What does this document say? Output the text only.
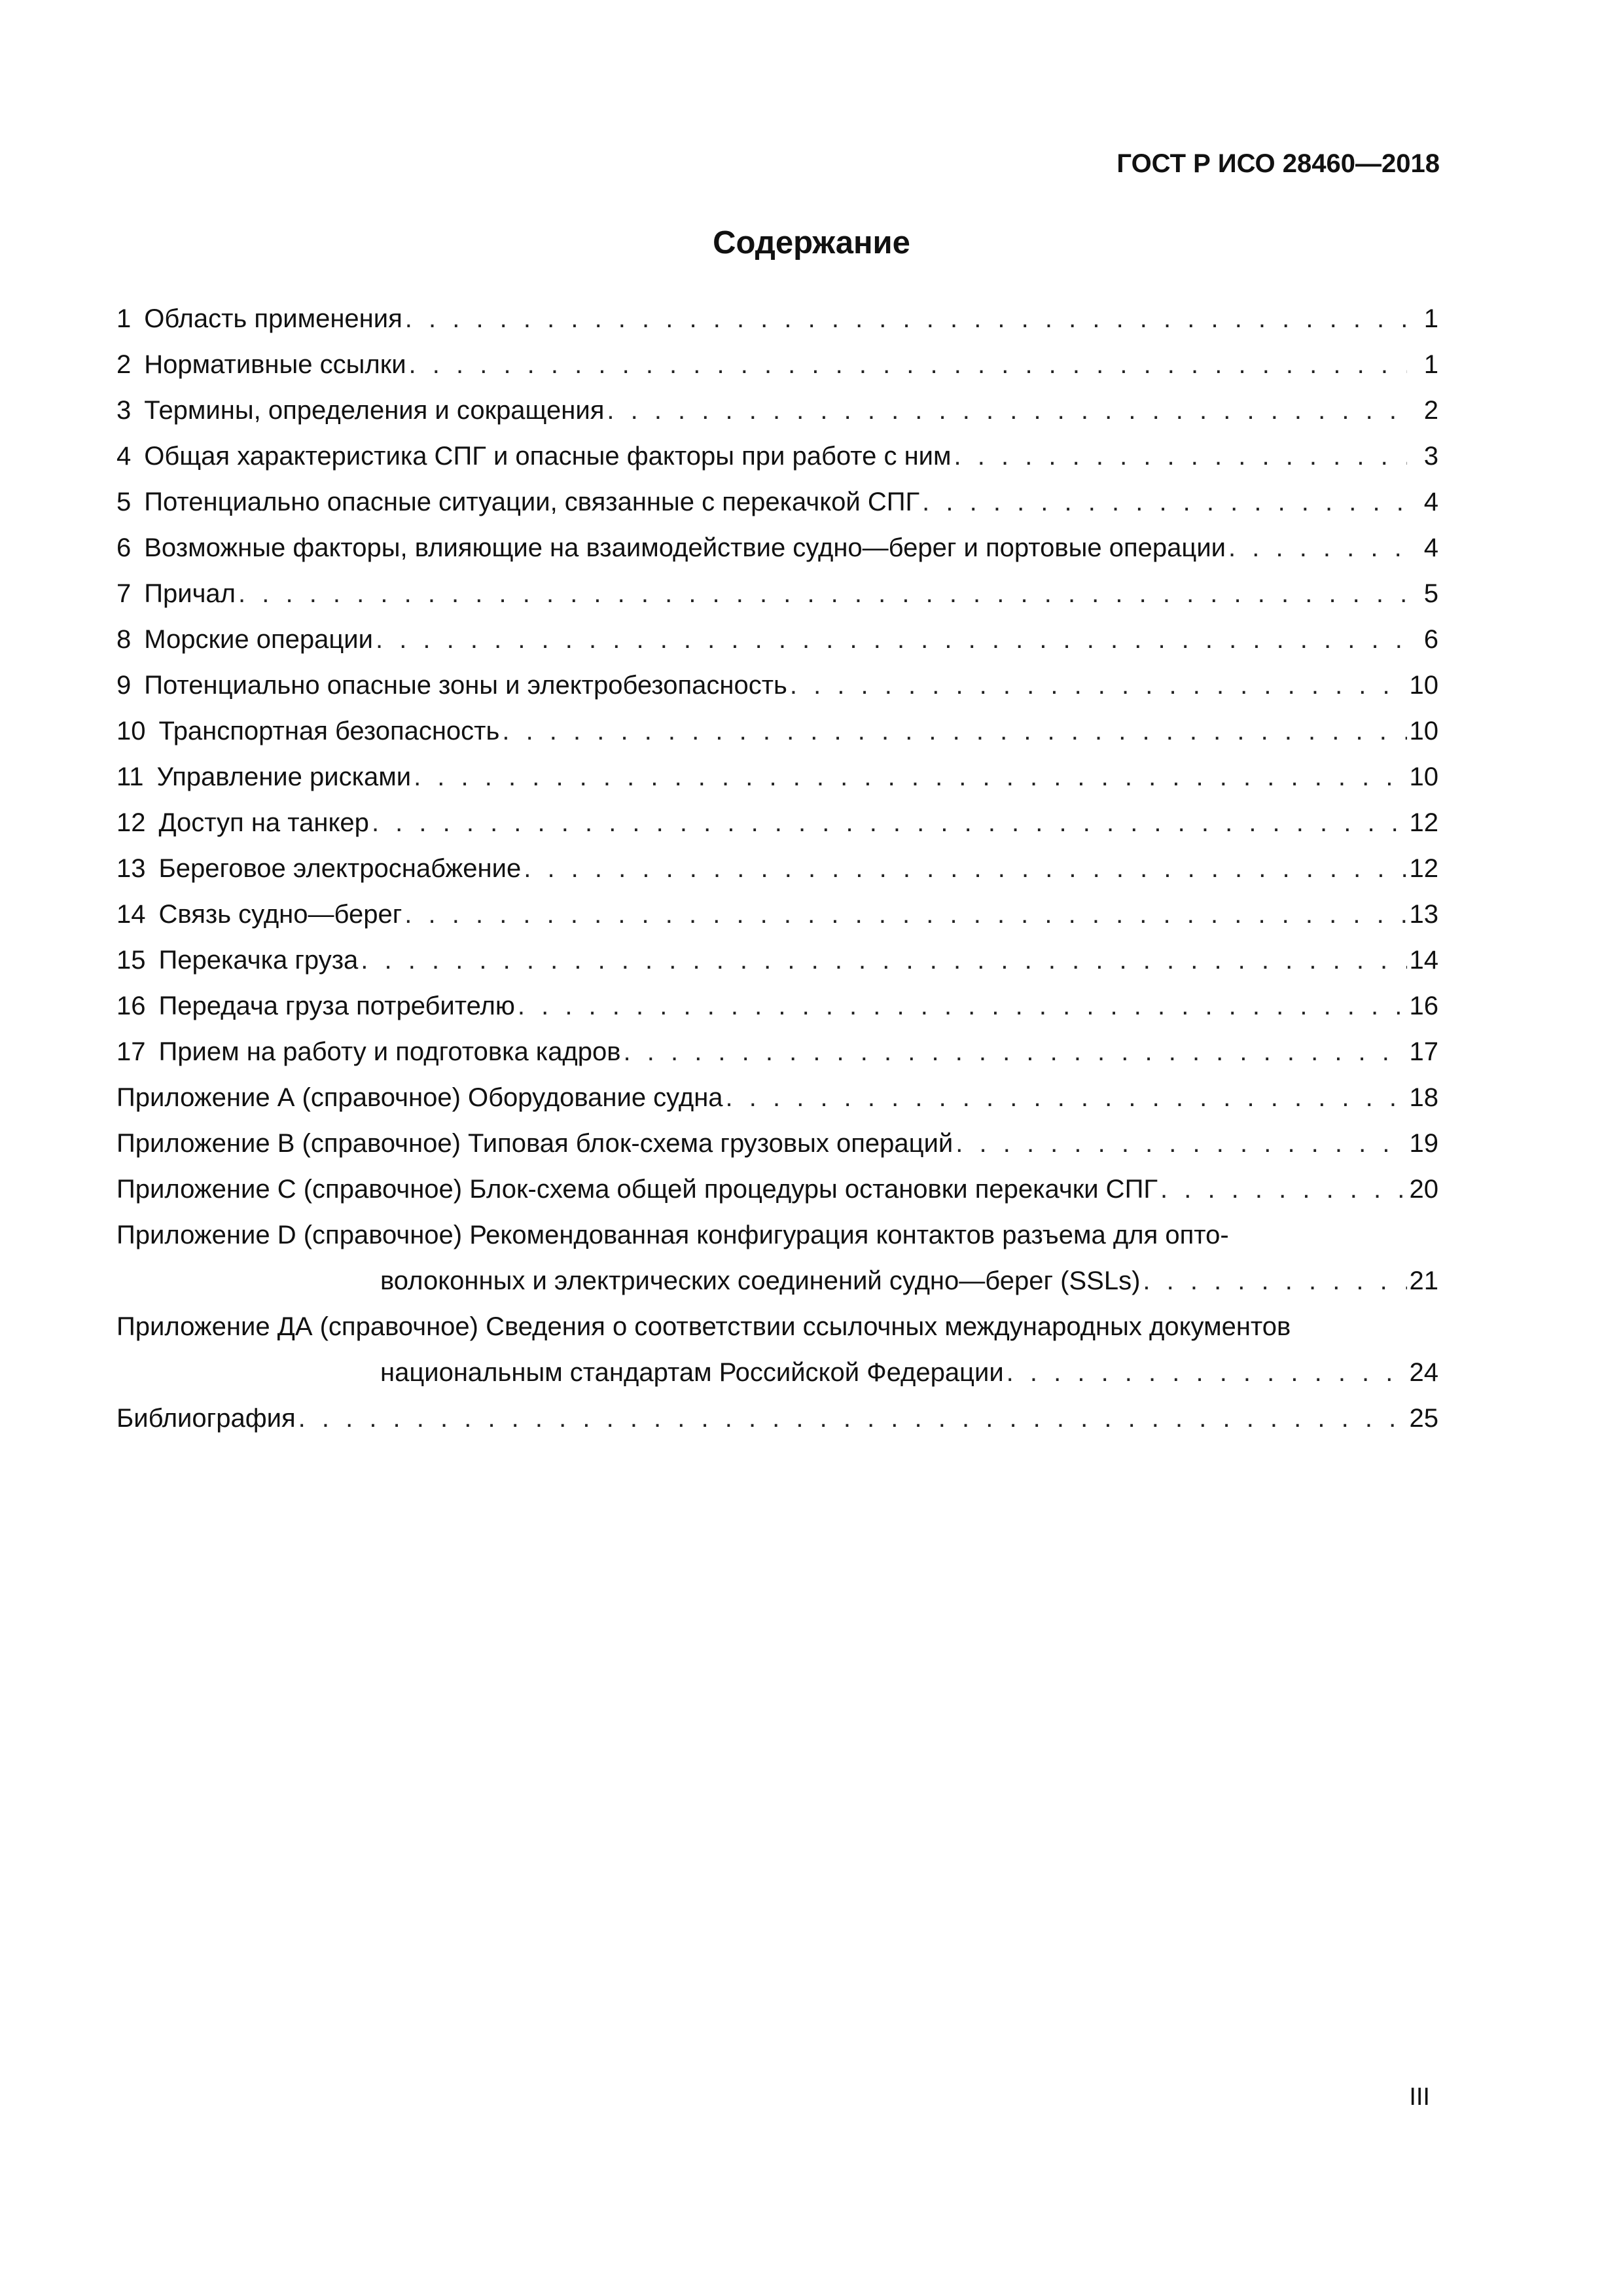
ГОСТ Р ИСО 28460—2018
Содержание
1 Область применения . . .	1
2 Нормативные ссылки . . .	1
3 Термины, определения и сокращения . . .	2
4 Общая характеристика СПГ и опасные факторы при работе с ним . . .	3
5 Потенциально опасные ситуации, связанные с перекачкой СПГ . . .	4
6 Возможные факторы, влияющие на взаимодействие судно—берег и портовые операции . . .	4
7 Причал . . .	5
8 Морские операции . . .	6
9 Потенциально опасные зоны и электробезопасность . . .	10
10 Транспортная безопасность . . .	10
11 Управление рисками . . .	10
12 Доступ на танкер . . .	12
13 Береговое электроснабжение . . .	12
14 Связь судно—берег . . .	13
15 Перекачка груза . . .	14
16 Передача груза потребителю . . .	16
17 Прием на работу и подготовка кадров . . .	17
Приложение А (справочное) Оборудование судна . . .	18
Приложение В (справочное) Типовая блок-схема грузовых операций . . .	19
Приложение С (справочное) Блок-схема общей процедуры остановки перекачки СПГ . . .	20
Приложение D (справочное) Рекомендованная конфигурация контактов разъема для опто-
волоконных и электрических соединений судно—берег (SSLs) . . .	21
Приложение ДА (справочное) Сведения о соответствии ссылочных международных документов
национальным стандартам Российской Федерации . . .	24
Библиография . . .	25
III
